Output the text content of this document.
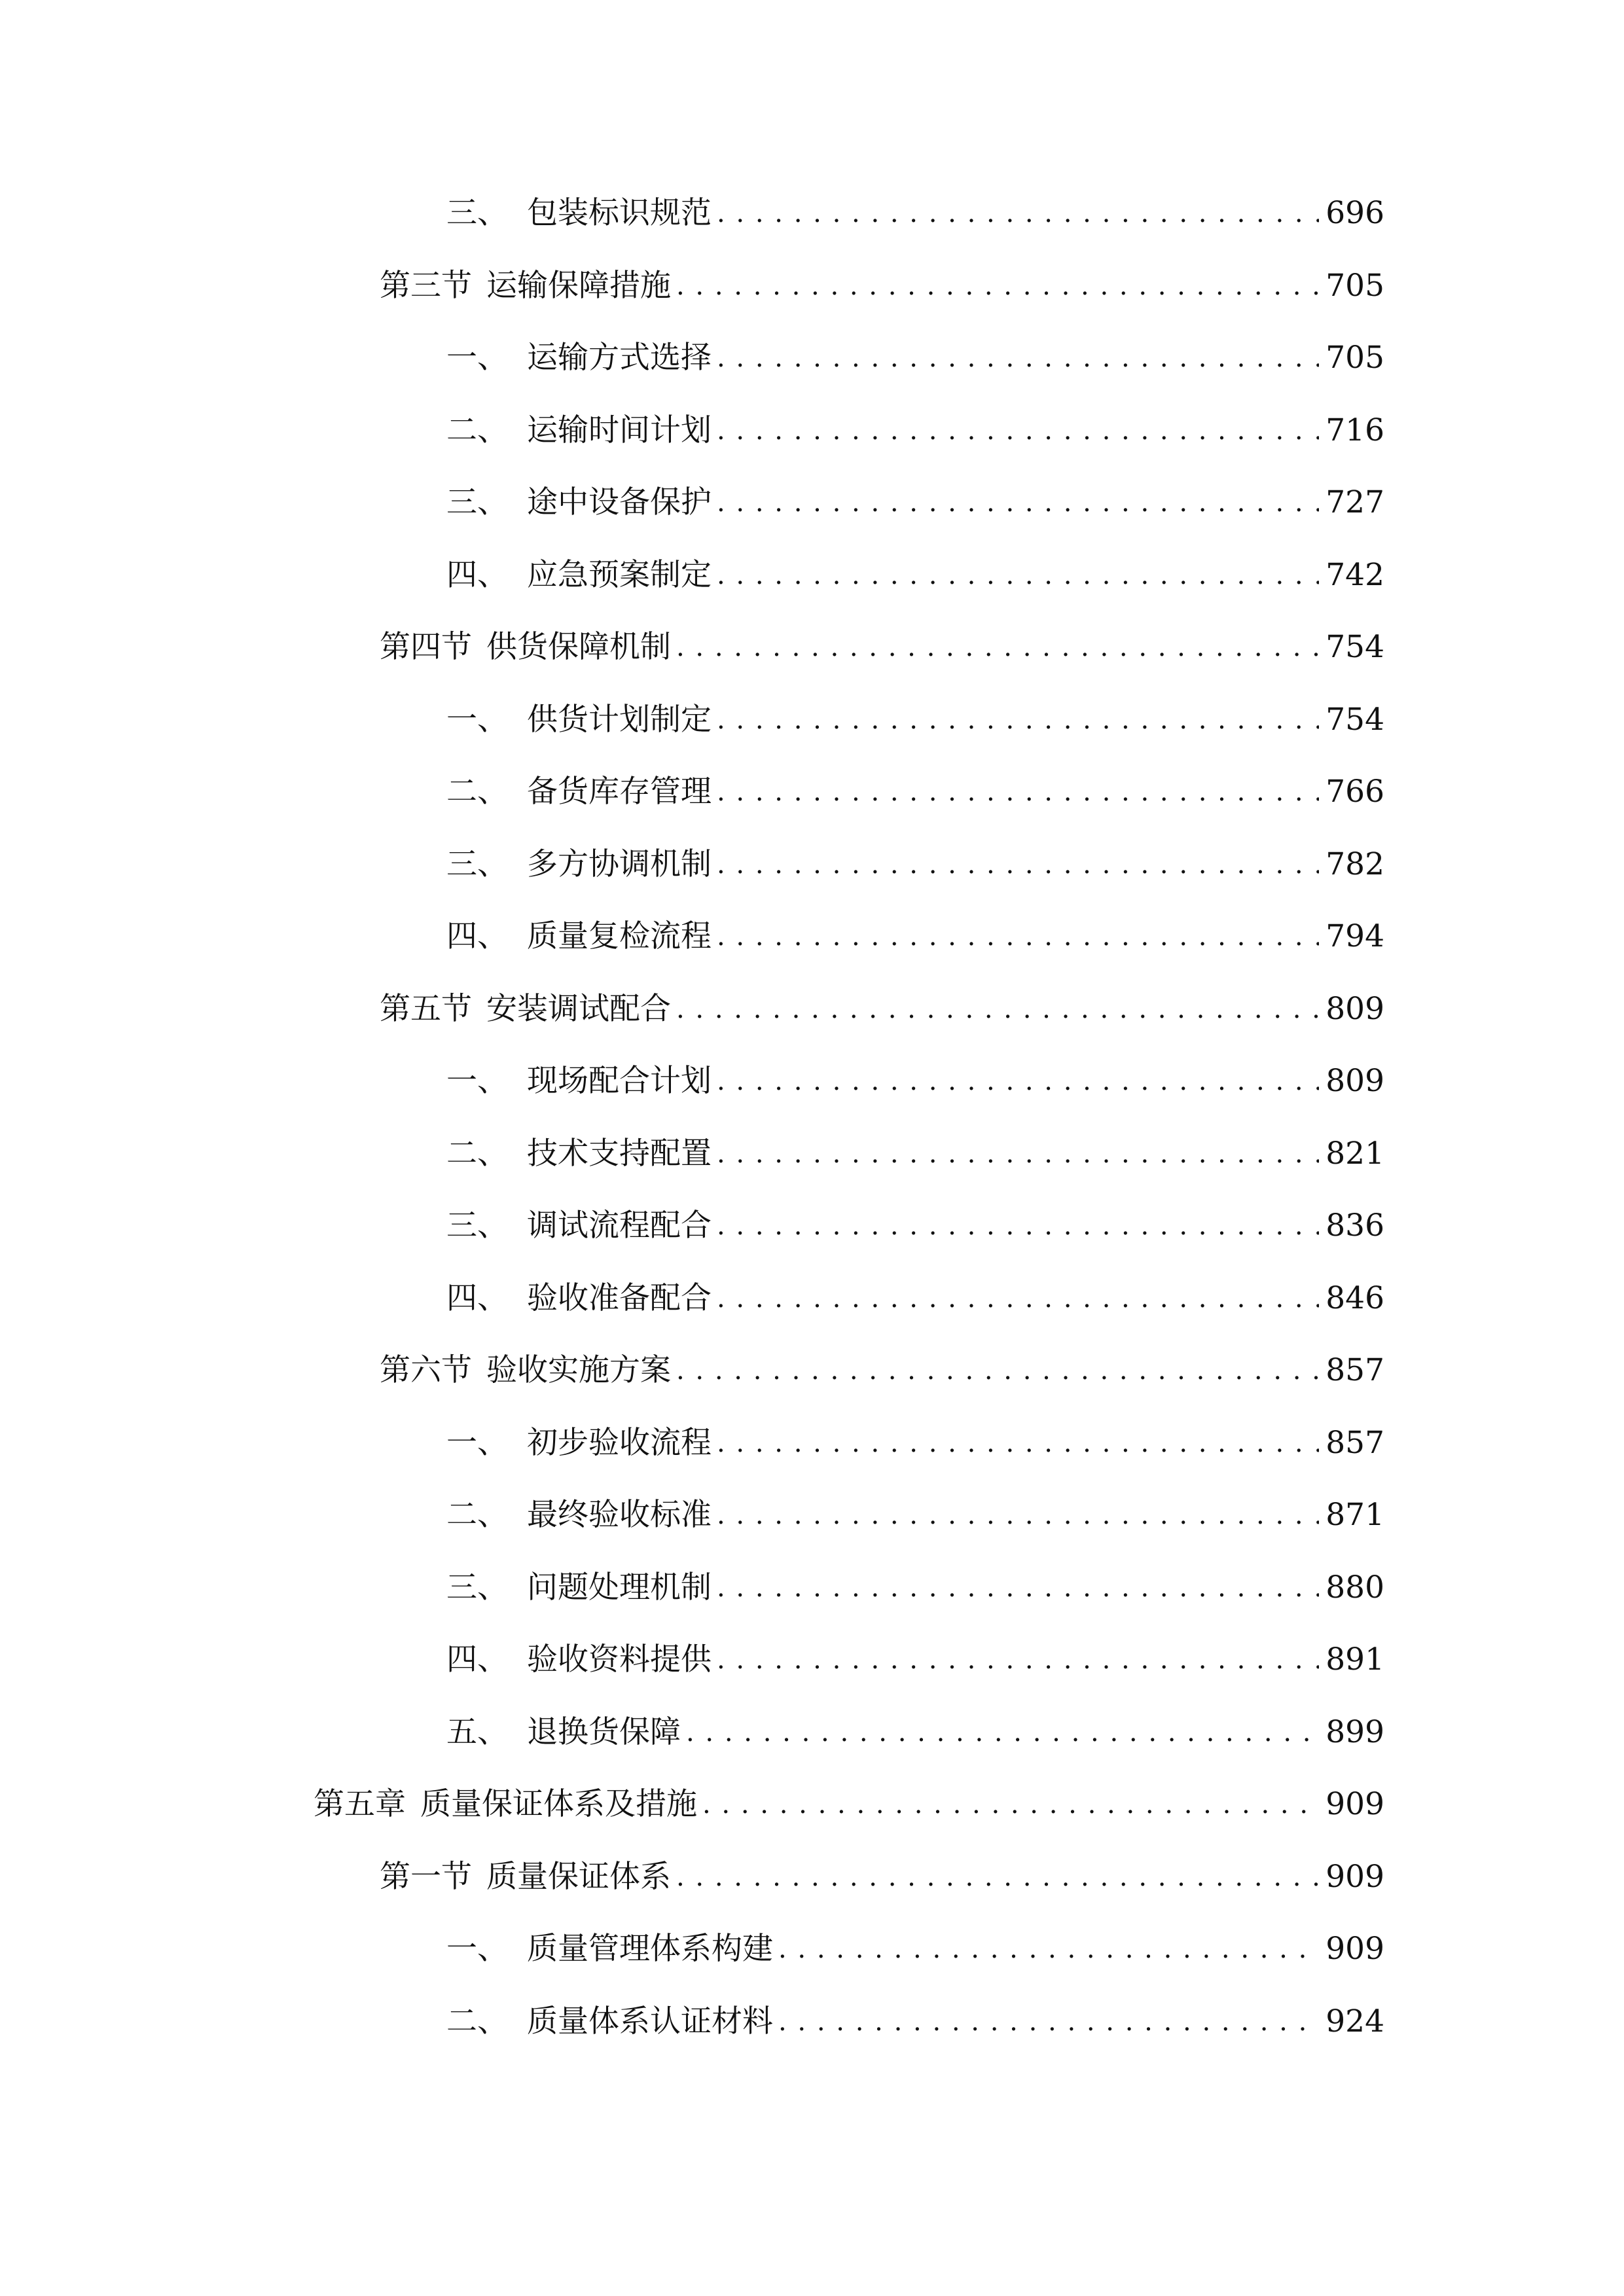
三、 包装标识规范 . . .	696
第三节 运输保障措施 . . .	705
一、 运输方式选择 . . .	705
二、 运输时间计划 . . .	716
三、 途中设备保护 . . .	727
四、 应急预案制定 . . .	742
第四节 供货保障机制 . . .	754
一、 供货计划制定 . . .	754
二、 备货库存管理 . . .	766
三、 多方协调机制 . . .	782
四、 质量复检流程 . . .	794
第五节 安装调试配合 . . .	809
一、 现场配合计划 . . .	809
二、 技术支持配置 . . .	821
三、 调试流程配合 . . .	836
四、 验收准备配合 . . .	846
第六节 验收实施方案 . . .	857
一、 初步验收流程 . . .	857
二、 最终验收标准 . . .	871
三、 问题处理机制 . . .	880
四、 验收资料提供 . . .	891
五、 退换货保障 . . .	899
第五章 质量保证体系及措施 . . .	909
第一节 质量保证体系 . . .	909
一、 质量管理体系构建 . . .	909
二、 质量体系认证材料 . . .	924
